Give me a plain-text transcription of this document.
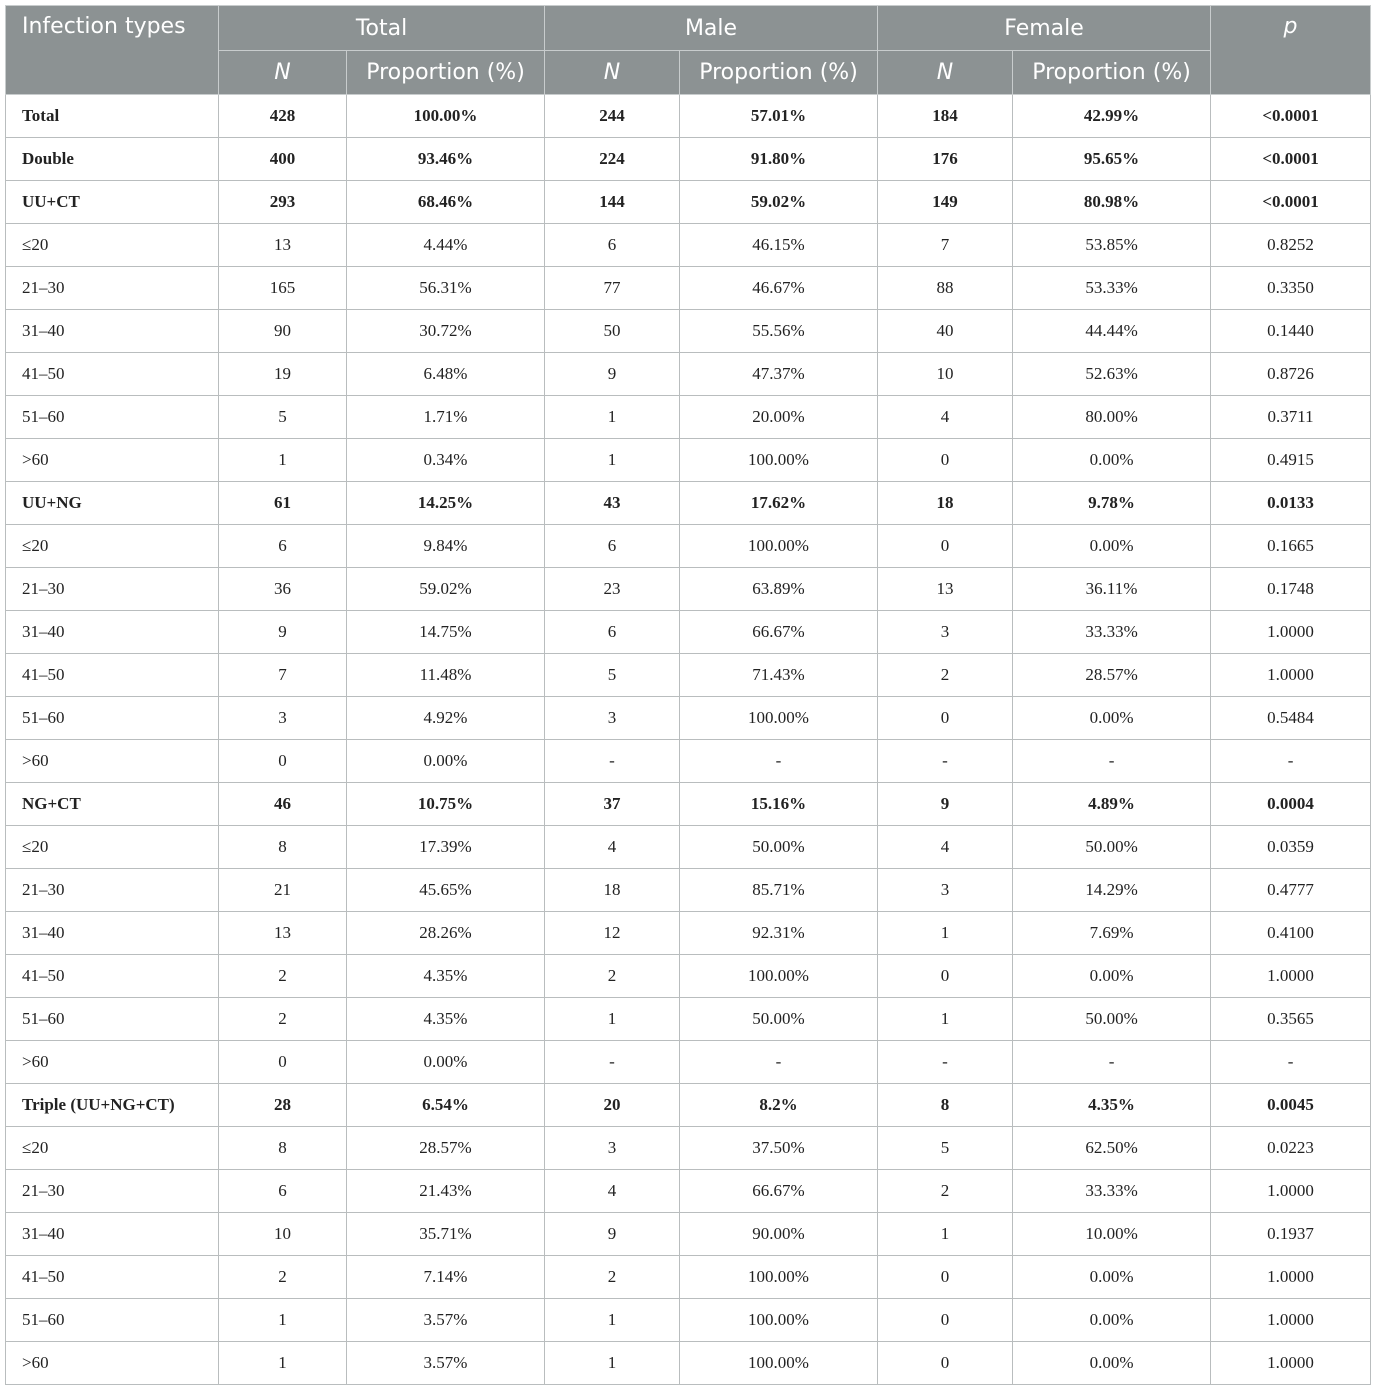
Infection types	Total		Male		Female		p
	N	Proportion (%)	N	Proportion (%)	N	Proportion (%)	
Total	428	100.00%	244	57.01%	184	42.99%	<0.0001
Double	400	93.46%	224	91.80%	176	95.65%	<0.0001
UU+CT	293	68.46%	144	59.02%	149	80.98%	<0.0001
≤20	13	4.44%	6	46.15%	7	53.85%	0.8252
21–30	165	56.31%	77	46.67%	88	53.33%	0.3350
31–40	90	30.72%	50	55.56%	40	44.44%	0.1440
41–50	19	6.48%	9	47.37%	10	52.63%	0.8726
51–60	5	1.71%	1	20.00%	4	80.00%	0.3711
>60	1	0.34%	1	100.00%	0	0.00%	0.4915
UU+NG	61	14.25%	43	17.62%	18	9.78%	0.0133
≤20	6	9.84%	6	100.00%	0	0.00%	0.1665
21–30	36	59.02%	23	63.89%	13	36.11%	0.1748
31–40	9	14.75%	6	66.67%	3	33.33%	1.0000
41–50	7	11.48%	5	71.43%	2	28.57%	1.0000
51–60	3	4.92%	3	100.00%	0	0.00%	0.5484
>60	0	0.00%	-	-	-	-	-
NG+CT	46	10.75%	37	15.16%	9	4.89%	0.0004
≤20	8	17.39%	4	50.00%	4	50.00%	0.0359
21–30	21	45.65%	18	85.71%	3	14.29%	0.4777
31–40	13	28.26%	12	92.31%	1	7.69%	0.4100
41–50	2	4.35%	2	100.00%	0	0.00%	1.0000
51–60	2	4.35%	1	50.00%	1	50.00%	0.3565
>60	0	0.00%	-	-	-	-	-
Triple (UU+NG+CT)	28	6.54%	20	8.2%	8	4.35%	0.0045
≤20	8	28.57%	3	37.50%	5	62.50%	0.0223
21–30	6	21.43%	4	66.67%	2	33.33%	1.0000
31–40	10	35.71%	9	90.00%	1	10.00%	0.1937
41–50	2	7.14%	2	100.00%	0	0.00%	1.0000
51–60	1	3.57%	1	100.00%	0	0.00%	1.0000
>60	1	3.57%	1	100.00%	0	0.00%	1.0000
